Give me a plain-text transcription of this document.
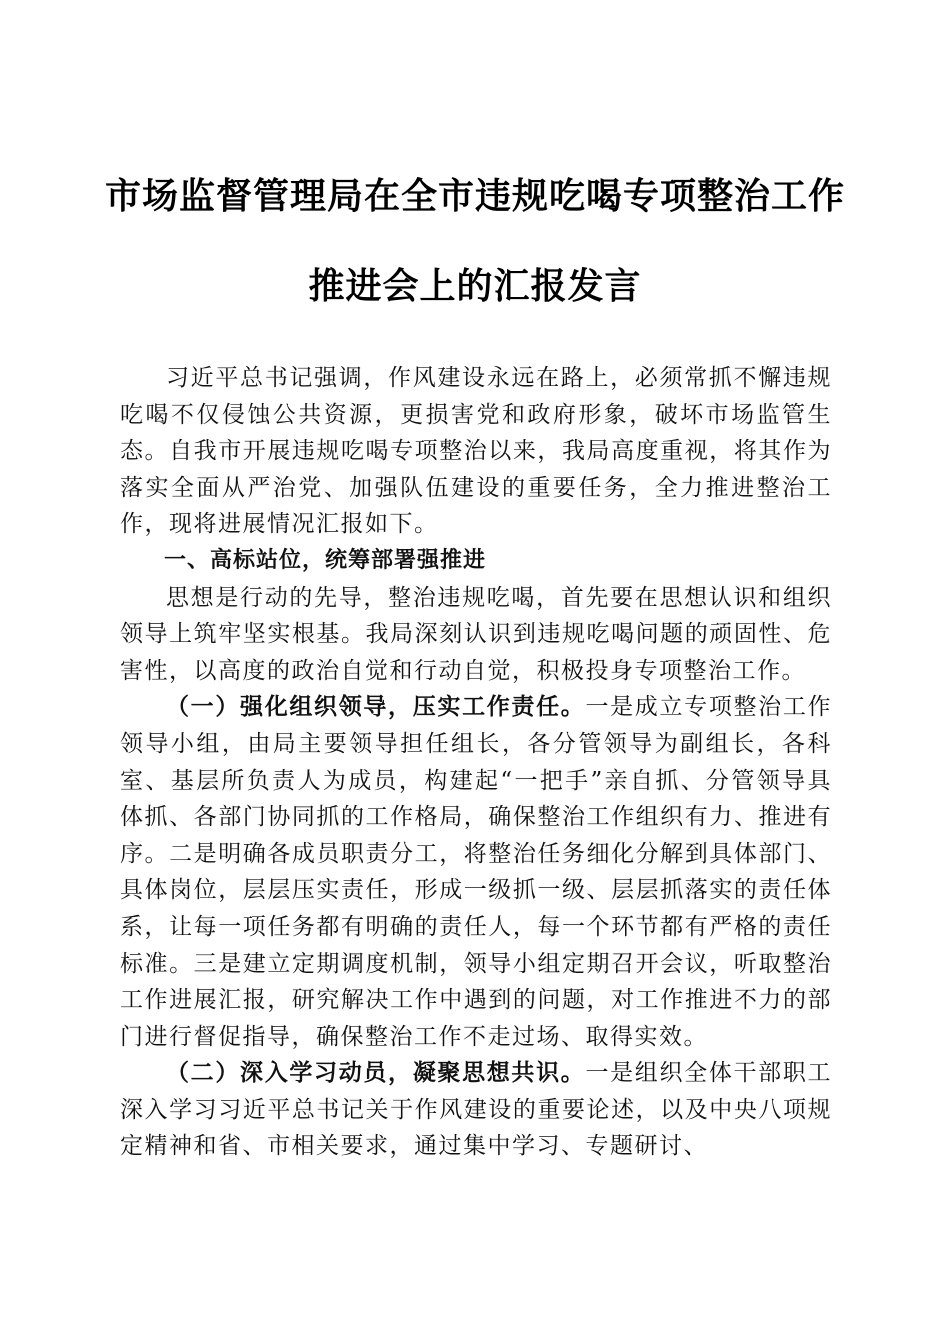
市场监督管理局在全市违规吃喝专项整治工作
推进会上的汇报发言

习近平总书记强调，作风建设永远在路上，必须常抓不懈违规吃喝不仅侵蚀公共资源，更损害党和政府形象，破坏市场监管生态。自我市开展违规吃喝专项整治以来，我局高度重视，将其作为落实全面从严治党、加强队伍建设的重要任务，全力推进整治工作，现将进展情况汇报如下。

一、高标站位，统筹部署强推进

思想是行动的先导，整治违规吃喝，首先要在思想认识和组织领导上筑牢坚实根基。我局深刻认识到违规吃喝问题的顽固性、危害性，以高度的政治自觉和行动自觉，积极投身专项整治工作。

（一）强化组织领导，压实工作责任。一是成立专项整治工作领导小组，由局主要领导担任组长，各分管领导为副组长，各科室、基层所负责人为成员，构建起“一把手”亲自抓、分管领导具体抓、各部门协同抓的工作格局，确保整治工作组织有力、推进有序。二是明确各成员职责分工，将整治任务细化分解到具体部门、具体岗位，层层压实责任，形成一级抓一级、层层抓落实的责任体系，让每一项任务都有明确的责任人，每一个环节都有严格的责任标准。三是建立定期调度机制，领导小组定期召开会议，听取整治工作进展汇报，研究解决工作中遇到的问题，对工作推进不力的部门进行督促指导，确保整治工作不走过场、取得实效。

（二）深入学习动员，凝聚思想共识。一是组织全体干部职工深入学习习近平总书记关于作风建设的重要论述，以及中央八项规定精神和省、市相关要求，通过集中学习、专题研讨、
